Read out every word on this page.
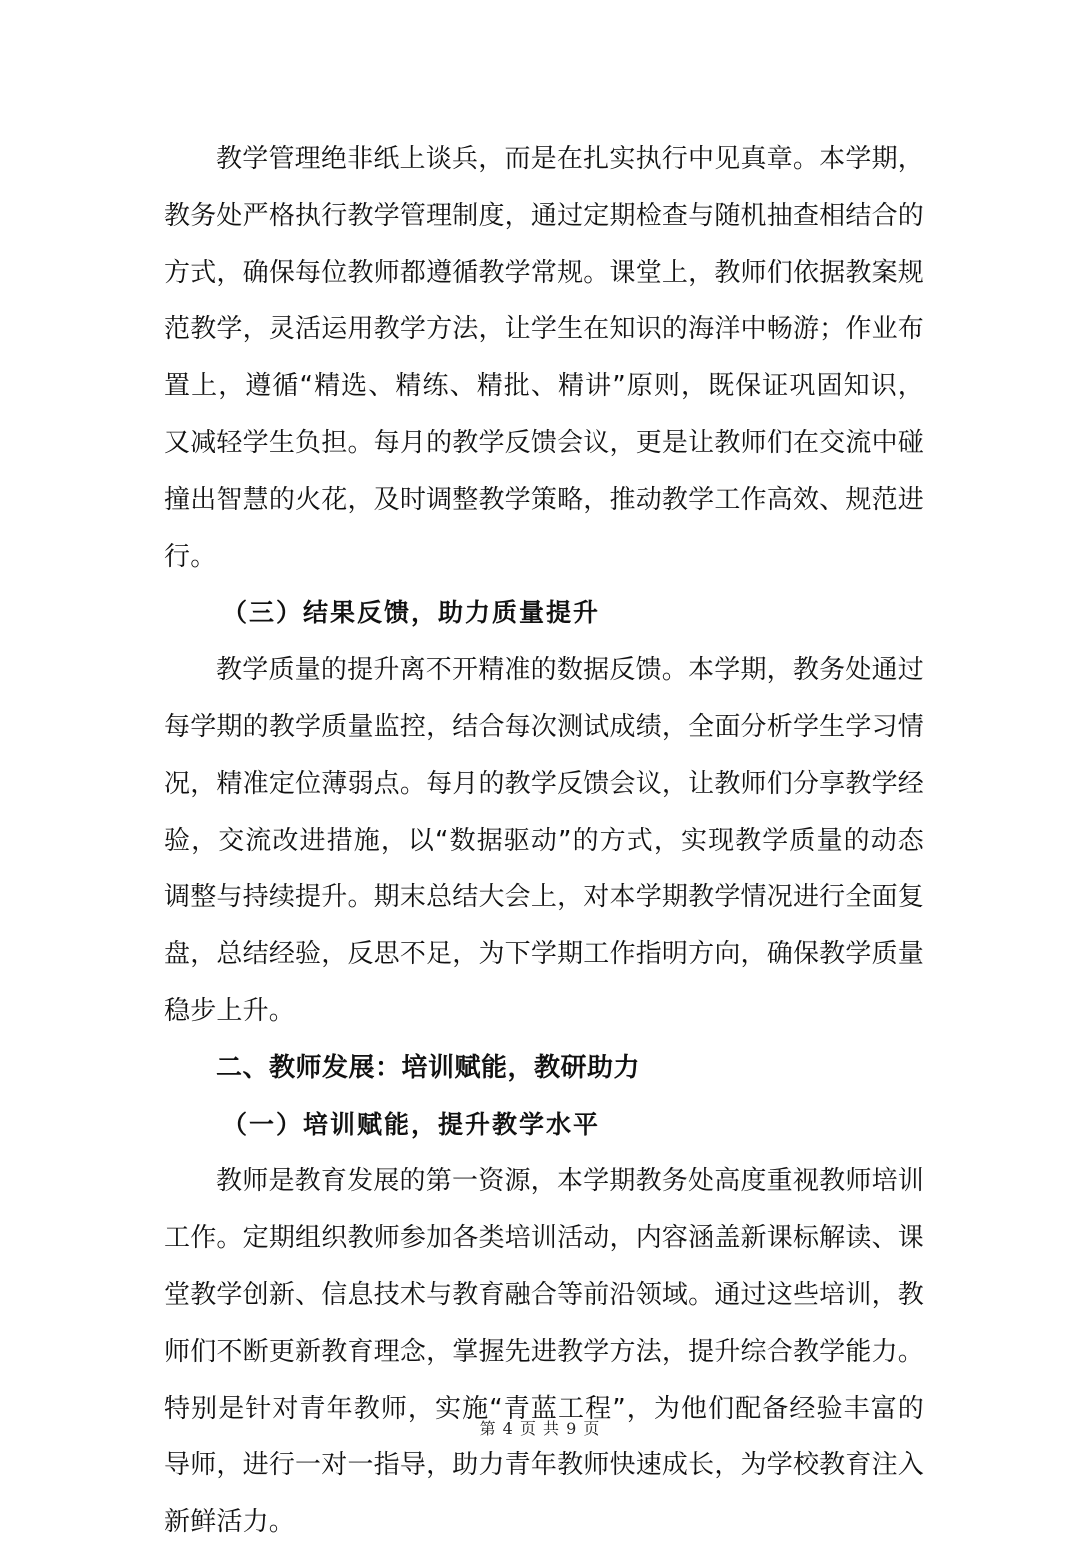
教学管理绝非纸上谈兵，而是在扎实执行中见真章。本学期，教务处严格执行教学管理制度，通过定期检查与随机抽查相结合的方式，确保每位教师都遵循教学常规。课堂上，教师们依据教案规范教学，灵活运用教学方法，让学生在知识的海洋中畅游；作业布置上，遵循“精选、精练、精批、精讲”原则，既保证巩固知识，又减轻学生负担。每月的教学反馈会议，更是让教师们在交流中碰撞出智慧的火花，及时调整教学策略，推动教学工作高效、规范进行。

（三）结果反馈，助力质量提升

教学质量的提升离不开精准的数据反馈。本学期，教务处通过每学期的教学质量监控，结合每次测试成绩，全面分析学生学习情况，精准定位薄弱点。每月的教学反馈会议，让教师们分享教学经验，交流改进措施，以“数据驱动”的方式，实现教学质量的动态调整与持续提升。期末总结大会上，对本学期教学情况进行全面复盘，总结经验，反思不足，为下学期工作指明方向，确保教学质量稳步上升。

二、教师发展：培训赋能，教研助力

（一）培训赋能，提升教学水平

教师是教育发展的第一资源，本学期教务处高度重视教师培训工作。定期组织教师参加各类培训活动，内容涵盖新课标解读、课堂教学创新、信息技术与教育融合等前沿领域。通过这些培训，教师们不断更新教育理念，掌握先进教学方法，提升综合教学能力。特别是针对青年教师，实施“青蓝工程”，为他们配备经验丰富的导师，进行一对一指导，助力青年教师快速成长，为学校教育注入新鲜活力。

第 4 页 共 9 页
